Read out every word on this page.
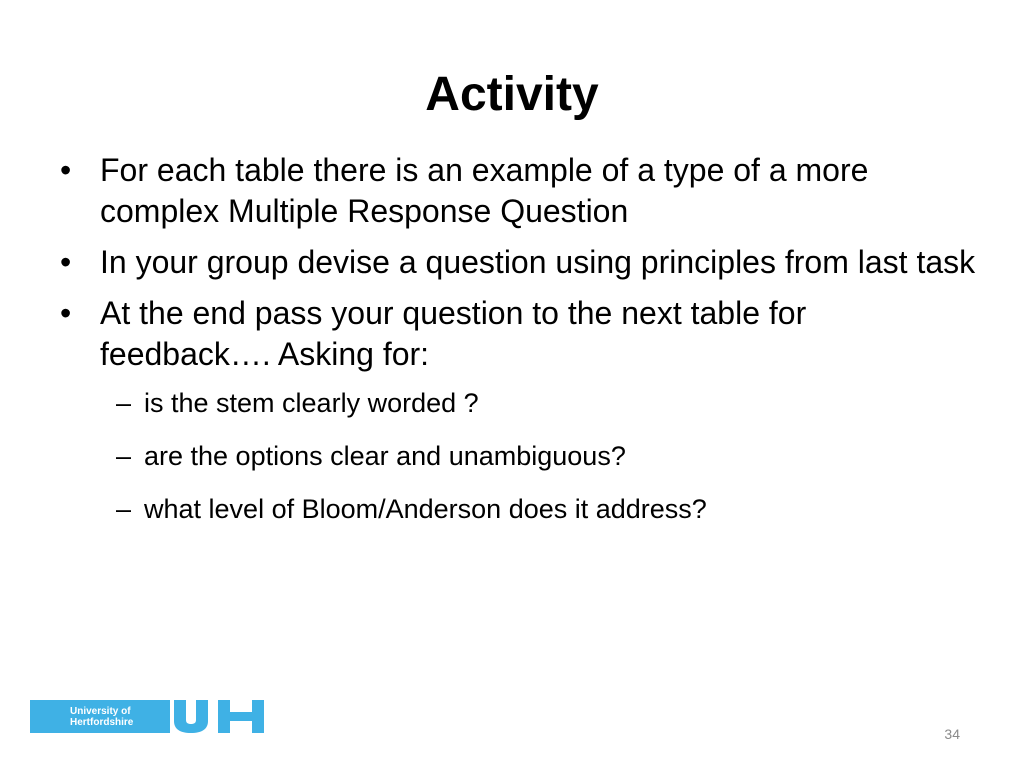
Activity
• For each table there is an example of a type of a more complex Multiple Response Question
• In your group devise a question using principles from last task
• At the end pass your question to the next table for feedback…. Asking for:
– is the stem clearly worded ?
– are the options clear and unambiguous?
– what level of Bloom/Anderson does it address?
University of
Hertfordshire
34
